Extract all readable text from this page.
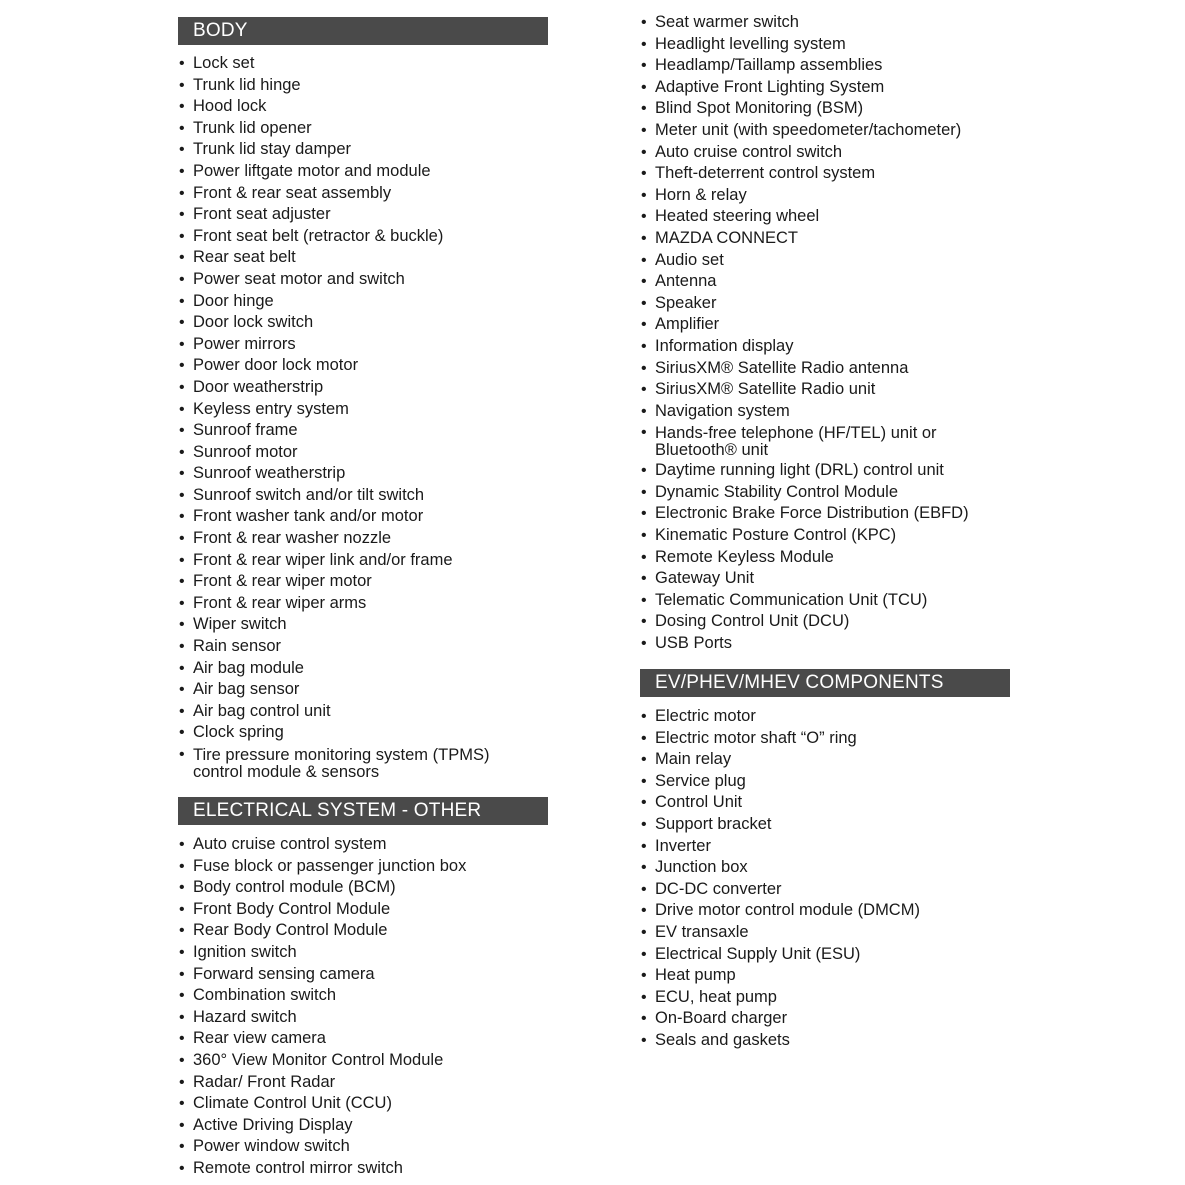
BODY
• Lock set
• Trunk lid hinge
• Hood lock
• Trunk lid opener
• Trunk lid stay damper
• Power liftgate motor and module
• Front & rear seat assembly
• Front seat adjuster
• Front seat belt (retractor & buckle)
• Rear seat belt
• Power seat motor and switch
• Door hinge
• Door lock switch
• Power mirrors
• Power door lock motor
• Door weatherstrip
• Keyless entry system
• Sunroof frame
• Sunroof motor
• Sunroof weatherstrip
• Sunroof switch and/or tilt switch
• Front washer tank and/or motor
• Front & rear washer nozzle
• Front & rear wiper link and/or frame
• Front & rear wiper motor
• Front & rear wiper arms
• Wiper switch
• Rain sensor
• Air bag module
• Air bag sensor
• Air bag control unit
• Clock spring
• Tire pressure monitoring system (TPMS)
control module & sensors
ELECTRICAL SYSTEM - OTHER
• Auto cruise control system
• Fuse block or passenger junction box
• Body control module (BCM)
• Front Body Control Module
• Rear Body Control Module
• Ignition switch
• Forward sensing camera
• Combination switch
• Hazard switch
• Rear view camera
• 360° View Monitor Control Module
• Radar/ Front Radar
• Climate Control Unit (CCU)
• Active Driving Display
• Power window switch
• Remote control mirror switch
• Seat warmer switch
• Headlight levelling system
• Headlamp/Taillamp assemblies
• Adaptive Front Lighting System
• Blind Spot Monitoring (BSM)
• Meter unit (with speedometer/tachometer)
• Auto cruise control switch
• Theft-deterrent control system
• Horn & relay
• Heated steering wheel
• MAZDA CONNECT
• Audio set
• Antenna
• Speaker
• Amplifier
• Information display
• SiriusXM® Satellite Radio antenna
• SiriusXM® Satellite Radio unit
• Navigation system
• Hands-free telephone (HF/TEL) unit or
Bluetooth® unit
• Daytime running light (DRL) control unit
• Dynamic Stability Control Module
• Electronic Brake Force Distribution (EBFD)
• Kinematic Posture Control (KPC)
• Remote Keyless Module
• Gateway Unit
• Telematic Communication Unit (TCU)
• Dosing Control Unit (DCU)
• USB Ports
EV/PHEV/MHEV COMPONENTS
• Electric motor
• Electric motor shaft “O” ring
• Main relay
• Service plug
• Control Unit
• Support bracket
• Inverter
• Junction box
• DC-DC converter
• Drive motor control module (DMCM)
• EV transaxle
• Electrical Supply Unit (ESU)
• Heat pump
• ECU, heat pump
• On-Board charger
• Seals and gaskets
